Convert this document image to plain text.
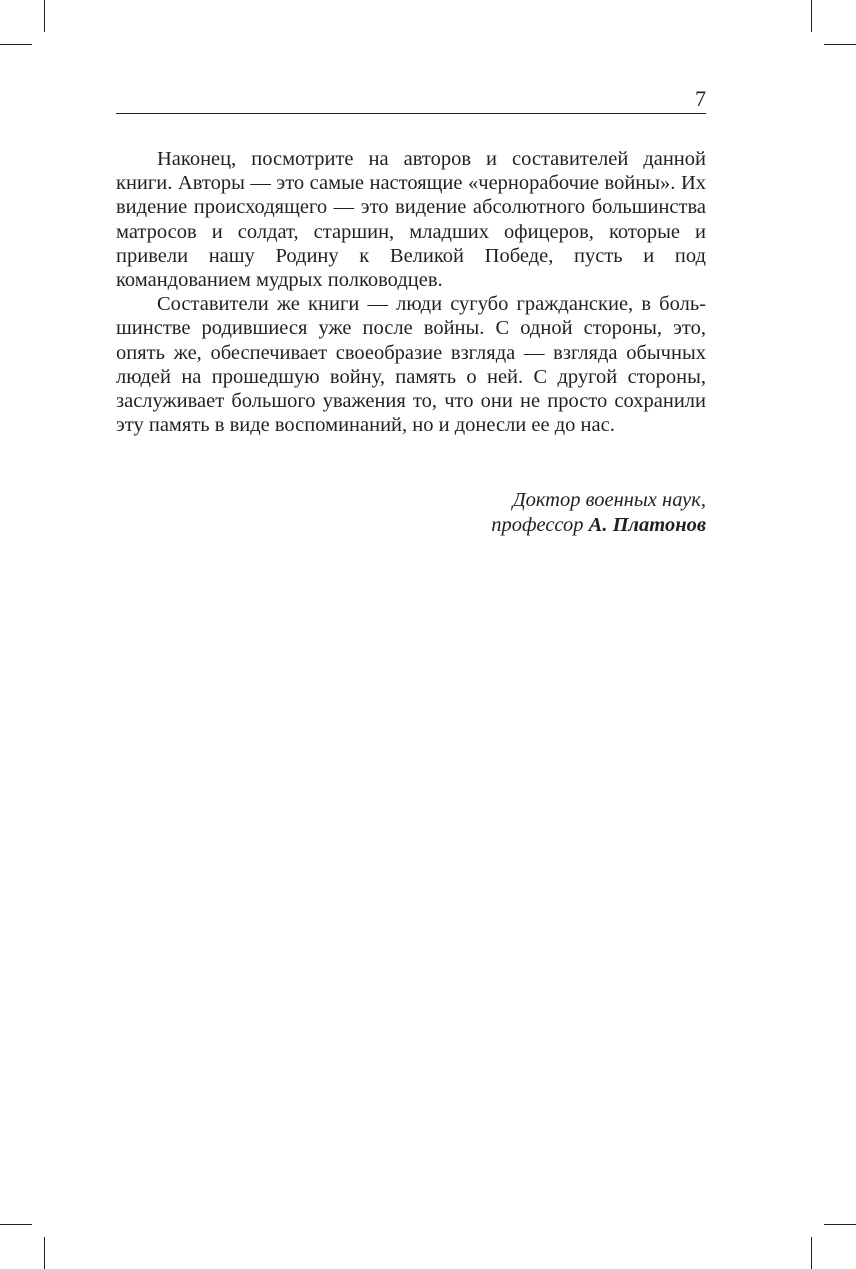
7

Наконец, посмотрите на авторов и составителей данной книги. Авторы — это самые настоящие «чернорабочие войны». Их видение происходящего — это видение абсолютного большинства матросов и солдат, старшин, младших офицеров, которые и привели нашу Родину к Великой Победе, пусть и под командованием мудрых полководцев.

Составители же книги — люди сугубо гражданские, в большинстве родившиеся уже после войны. С одной стороны, это, опять же, обеспечивает своеобразие взгляда — взгляда обычных людей на прошедшую войну, память о ней. С другой стороны, заслуживает большого уважения то, что они не просто сохранили эту память в виде воспоминаний, но и донесли ее до нас.

Доктор военных наук,
профессор А. Платонов
